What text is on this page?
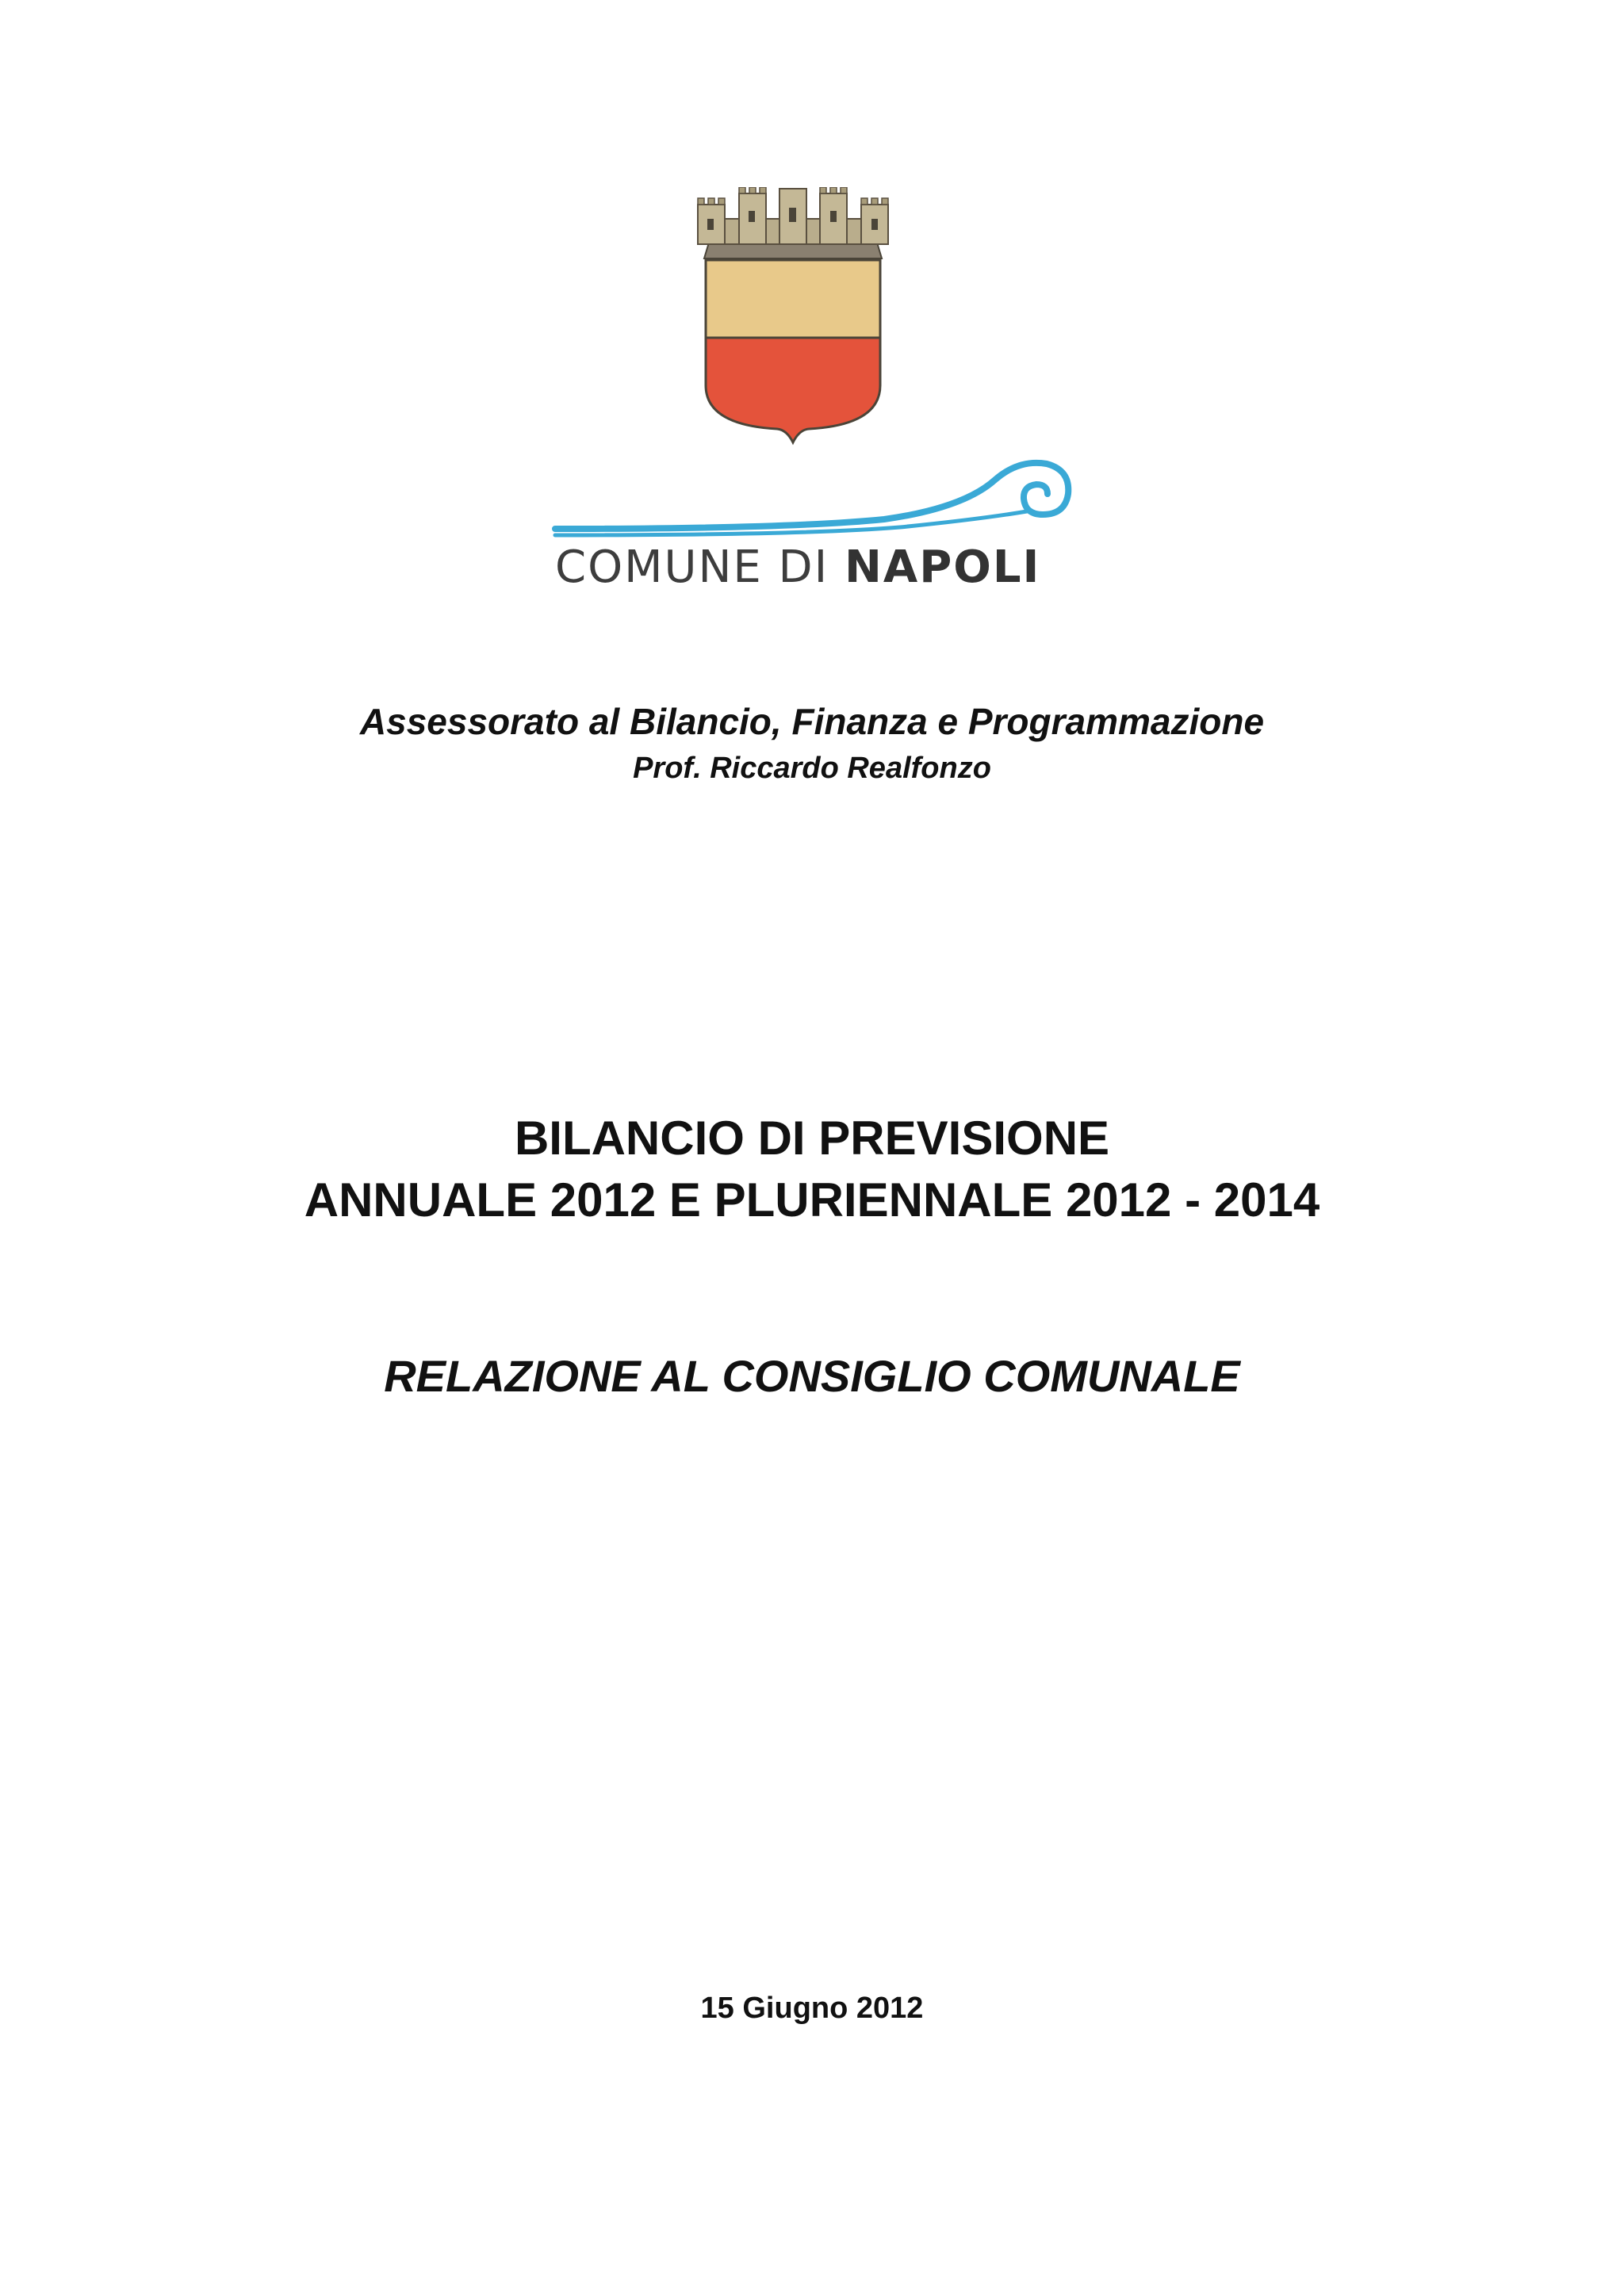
COMUNE DI NAPOLI
Assessorato al Bilancio, Finanza e Programmazione
Prof. Riccardo Realfonzo
BILANCIO DI PREVISIONE
ANNUALE 2012 E PLURIENNALE 2012 - 2014
RELAZIONE AL CONSIGLIO COMUNALE
15 Giugno 2012
